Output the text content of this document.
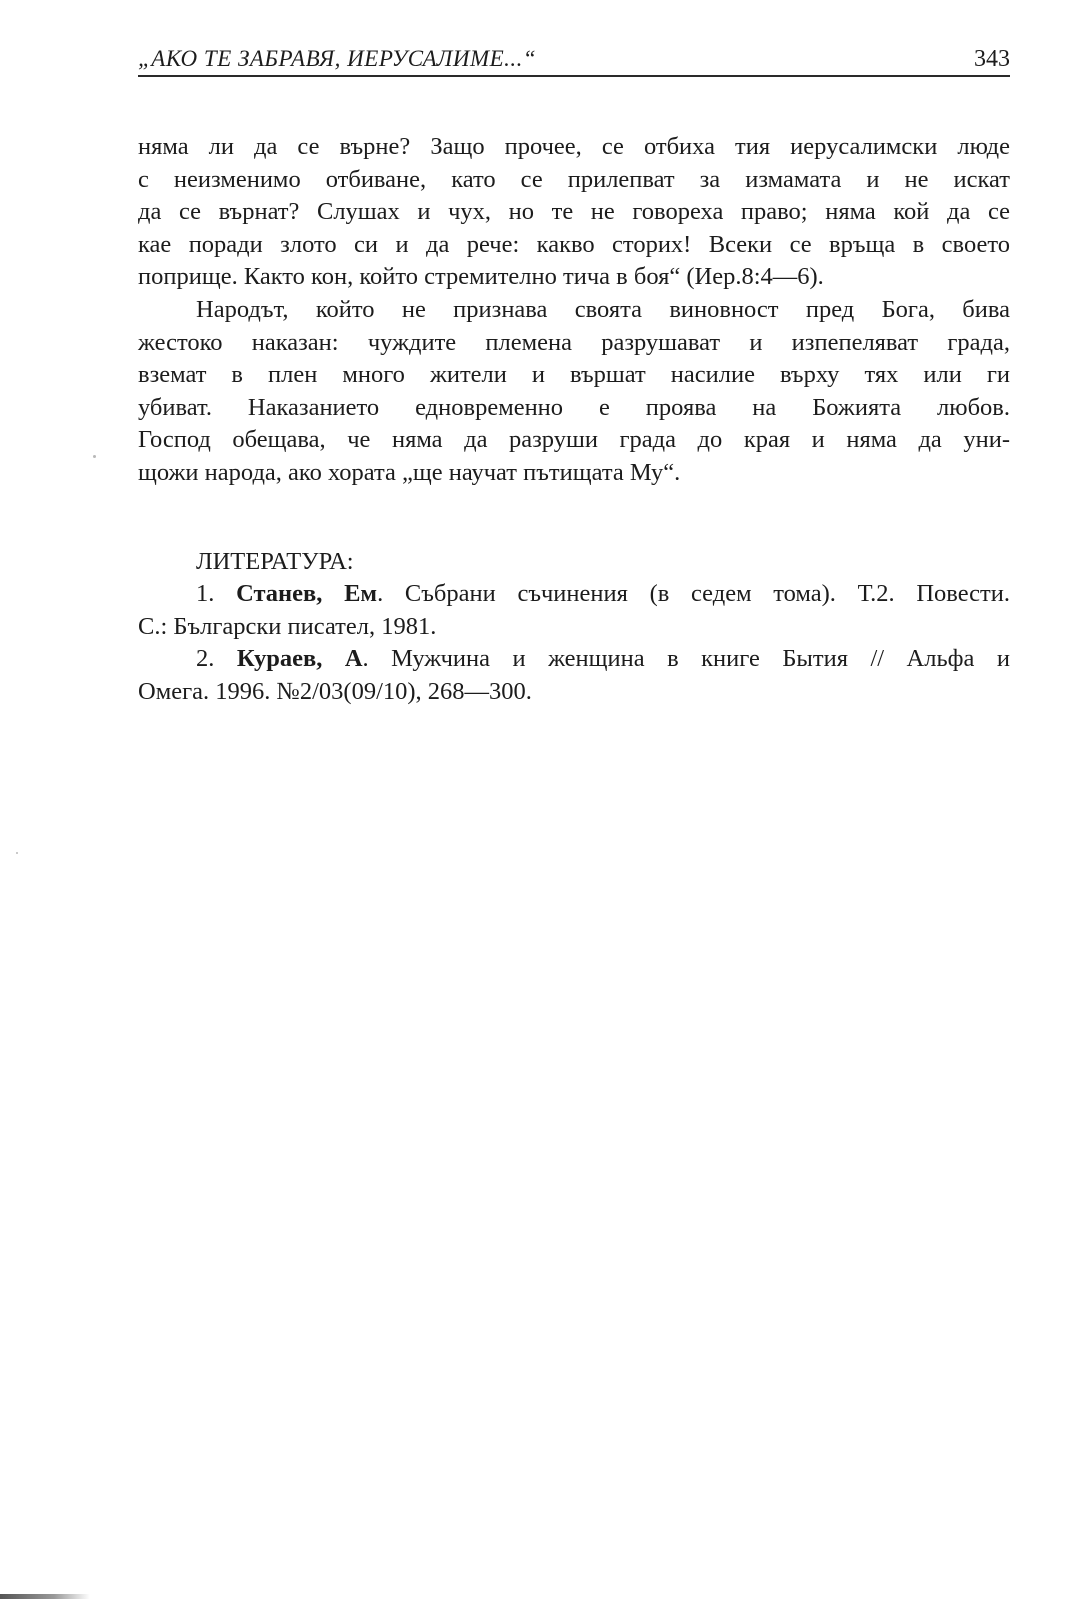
„АКО ТЕ ЗАБРАВЯ, ИЕРУСАЛИМЕ...“	343
няма ли да се върне? Защо прочее, се отбиха тия иерусалимски люде
с неизменимо отбиване, като се прилепват за измамата и не искат
да се върнат? Слушах и чух, но те не говореха право; няма кой да се
кае поради злото си и да рече: какво сторих! Всеки се връща в своето
поприще. Както кон, който стремително тича в боя“ (Иер.8:4—6).
Народът, който не признава своята виновност пред Бога, бива
жестоко наказан: чуждите племена разрушават и изпепеляват града,
вземат в плен много жители и вършат насилие върху тях или ги
убиват. Наказанието едновременно е проява на Божията любов.
Господ обещава, че няма да разруши града до края и няма да уни-
щожи народа, ако хората „ще научат пътищата Му“.
ЛИТЕРАТУРА:
1. Станев, Ем. Събрани съчинения (в седем тома). Т.2. Повести.
С.: Български писател, 1981.
2. Кураев, А. Мужчина и женщина в книге Бытия // Альфа и
Омега. 1996. №2/03(09/10), 268—300.
